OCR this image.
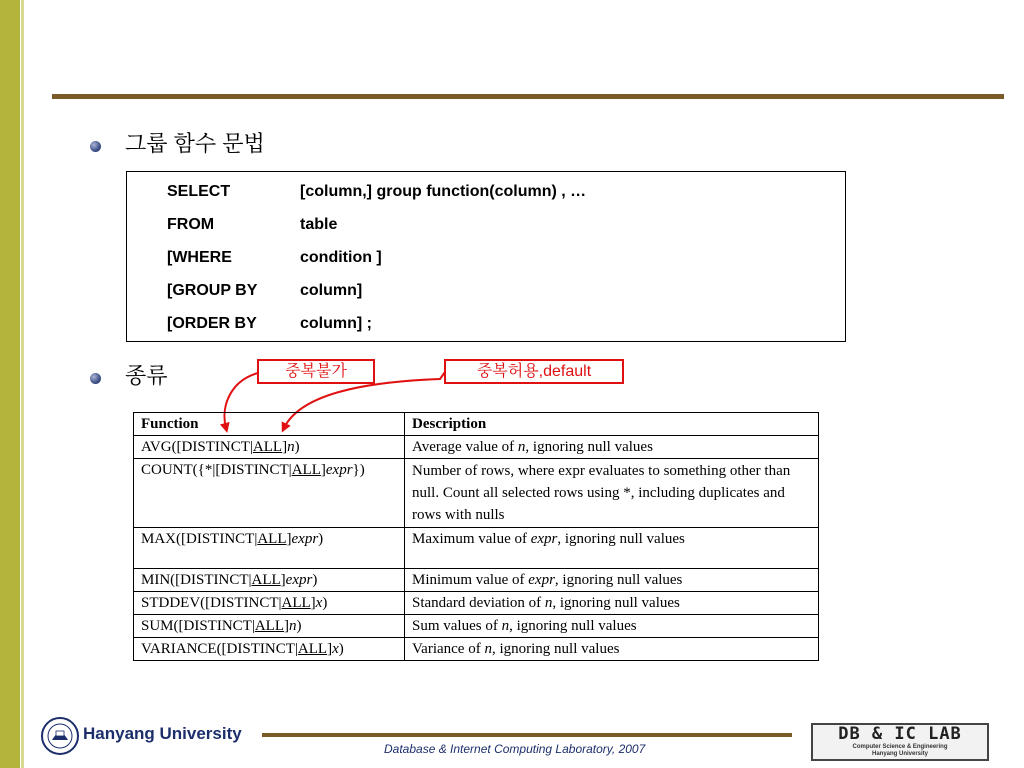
그룹 함수 문법
SELECT	[column,] group function(column) , …
FROM	table
[WHERE	condition ]
[GROUP BY	column]
[ORDER BY	column] ;
종류	중복불가	중복허용,default
Function	Description
AVG([DISTINCT|ALL]n)	Average value of n, ignoring null values
COUNT({*|[DISTINCT|ALL]expr})	Number of rows, where expr evaluates to something other than null. Count all selected rows using *, including duplicates and rows with nulls
MAX([DISTINCT|ALL]expr)	Maximum value of expr, ignoring null values
MIN([DISTINCT|ALL]expr)	Minimum value of expr, ignoring null values
STDDEV([DISTINCT|ALL]x)	Standard deviation of n, ignoring null values
SUM([DISTINCT|ALL]n)	Sum values of n, ignoring null values
VARIANCE([DISTINCT|ALL]x)	Variance of n, ignoring null values
Hanyang University
Database & Internet Computing Laboratory, 2007
DB & IC LAB
Computer Science & Engineering
Hanyang University
